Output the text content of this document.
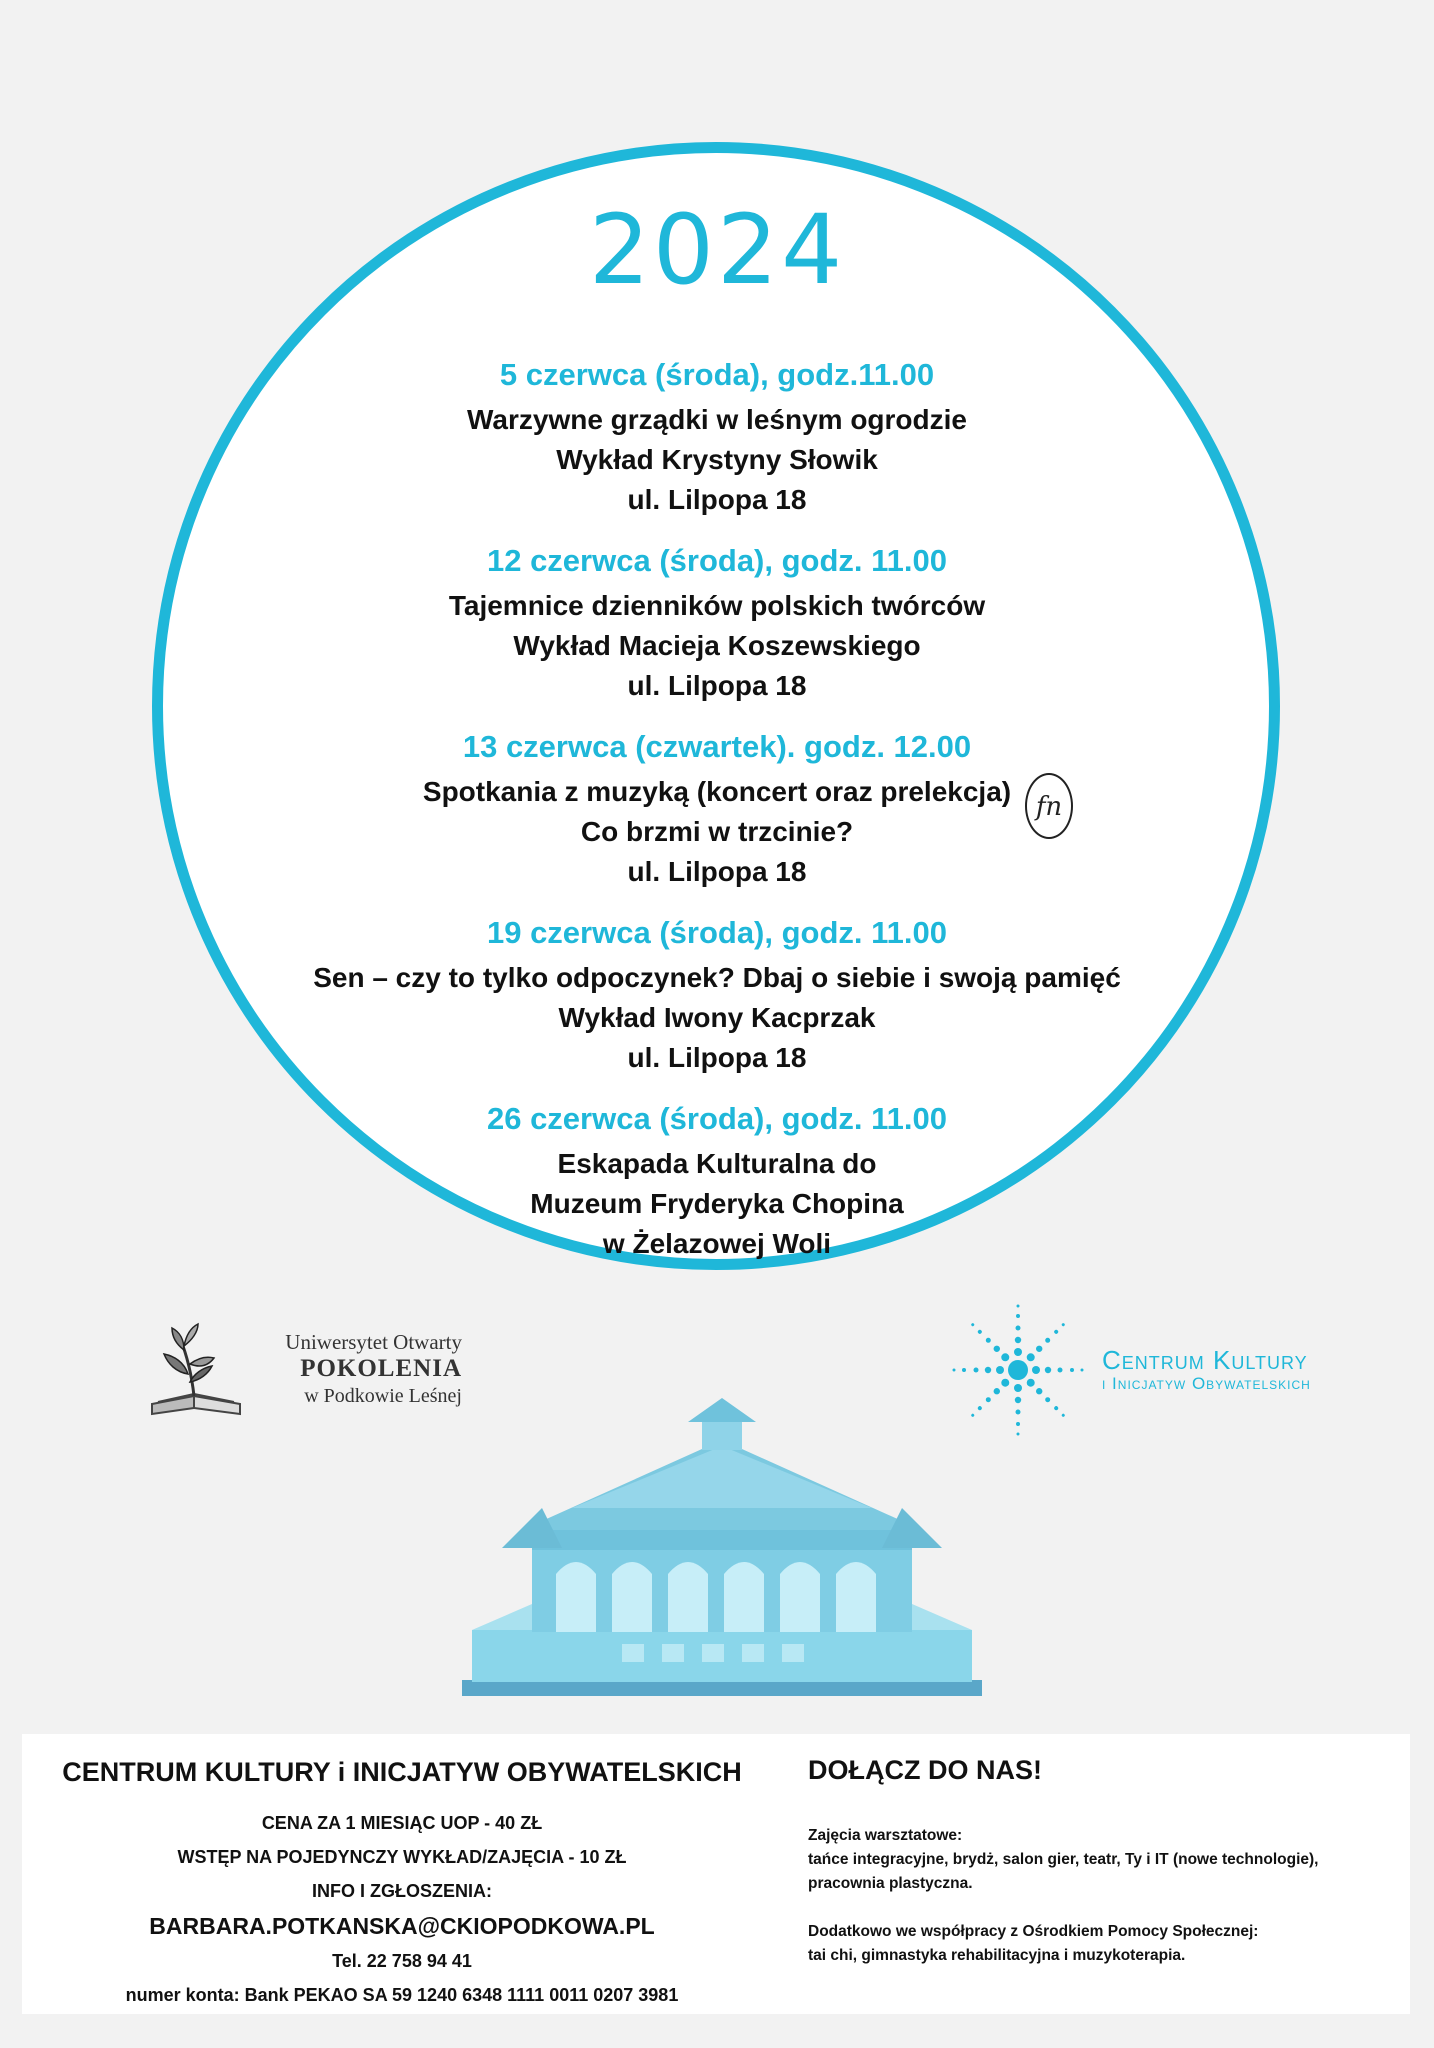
2024
5 czerwca (środa), godz.11.00
Warzywne grządki w leśnym ogrodzie
Wykład Krystyny Słowik
ul. Lilpopa 18
12 czerwca (środa), godz. 11.00
Tajemnice dzienników polskich twórców
Wykład Macieja Koszewskiego
ul. Lilpopa 18
13 czerwca (czwartek). godz. 12.00
Spotkania z muzyką (koncert oraz prelekcja)
Co brzmi w trzcinie?
ul. Lilpopa 18
19 czerwca (środa), godz. 11.00
Sen – czy to tylko odpoczynek? Dbaj o siebie i swoją pamięć
Wykład Iwony Kacprzak
ul. Lilpopa 18
26 czerwca (środa), godz. 11.00
Eskapada Kulturalna do
Muzeum Fryderyka Chopina
w Żelazowej Woli
fn
Uniwersytet Otwarty
POKOLENIA
w Podkowie Leśnej
Centrum Kultury
i Inicjatyw Obywatelskich
CENTRUM KULTURY i INICJATYW OBYWATELSKICH
CENA ZA 1 MIESIĄC UOP - 40 ZŁ
WSTĘP NA POJEDYNCZY WYKŁAD/ZAJĘCIA - 10 ZŁ
INFO I ZGŁOSZENIA:
BARBARA.POTKANSKA@CKIOPODKOWA.PL
Tel. 22 758 94 41
numer konta: Bank PEKAO SA 59 1240 6348 1111 0011 0207 3981
DOŁĄCZ DO NAS!
Zajęcia warsztatowe:
tańce integracyjne, brydż, salon gier, teatr, Ty i IT (nowe technologie),
pracownia plastyczna.
Dodatkowo we współpracy z Ośrodkiem Pomocy Społecznej:
tai chi, gimnastyka rehabilitacyjna i muzykoterapia.
